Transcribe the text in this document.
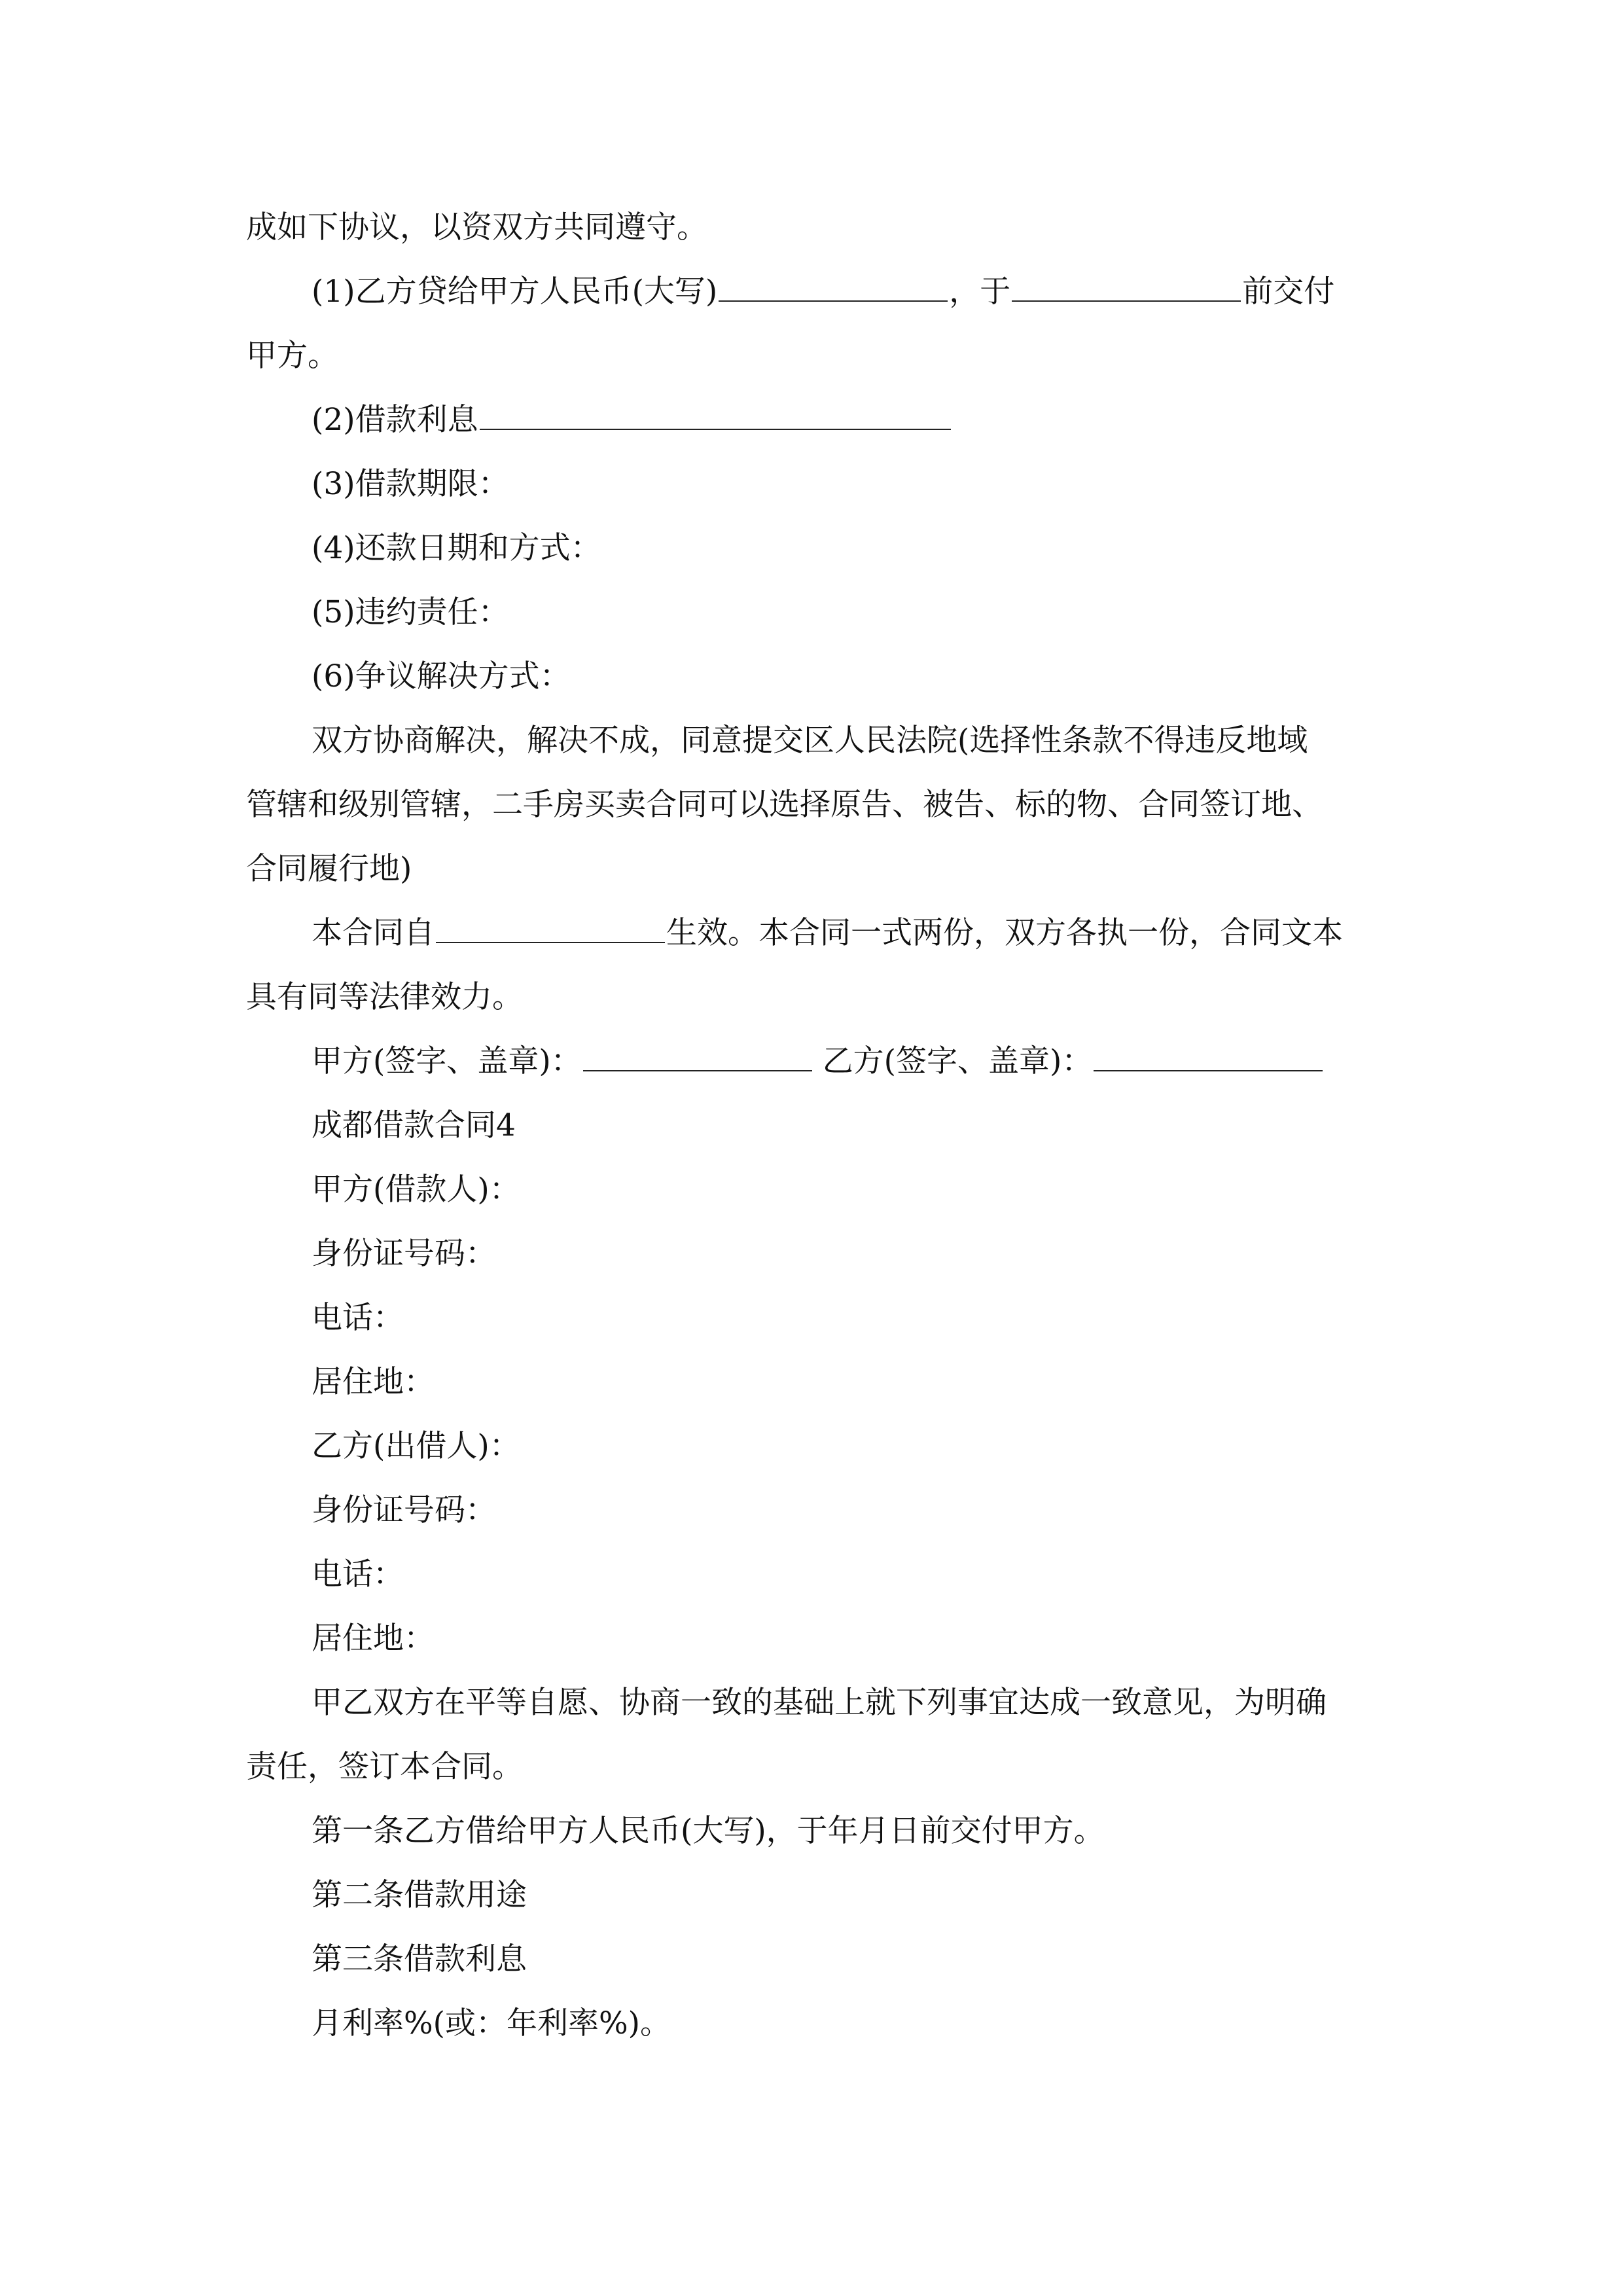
成如下协议，以资双方共同遵守。
(1)乙方贷给甲方人民币(大写)	，于	前交付
甲方。
(2)借款利息
(3)借款期限：
(4)还款日期和方式：
(5)违约责任：
(6)争议解决方式：
双方协商解决，解决不成，同意提交区人民法院(选择性条款不得违反地域
管辖和级别管辖，二手房买卖合同可以选择原告、被告、标的物、合同签订地、
合同履行地)
本合同自	生效。本合同一式两份，双方各执一份，合同文本
具有同等法律效力。
甲方(签字、盖章)：	乙方(签字、盖章)：
成都借款合同4
甲方(借款人)：
身份证号码：
电话：
居住地：
乙方(出借人)：
身份证号码：
电话：
居住地：
甲乙双方在平等自愿、协商一致的基础上就下列事宜达成一致意见，为明确
责任，签订本合同。
第一条乙方借给甲方人民币(大写)，于年月日前交付甲方。
第二条借款用途
第三条借款利息
月利率%(或：年利率%)。
